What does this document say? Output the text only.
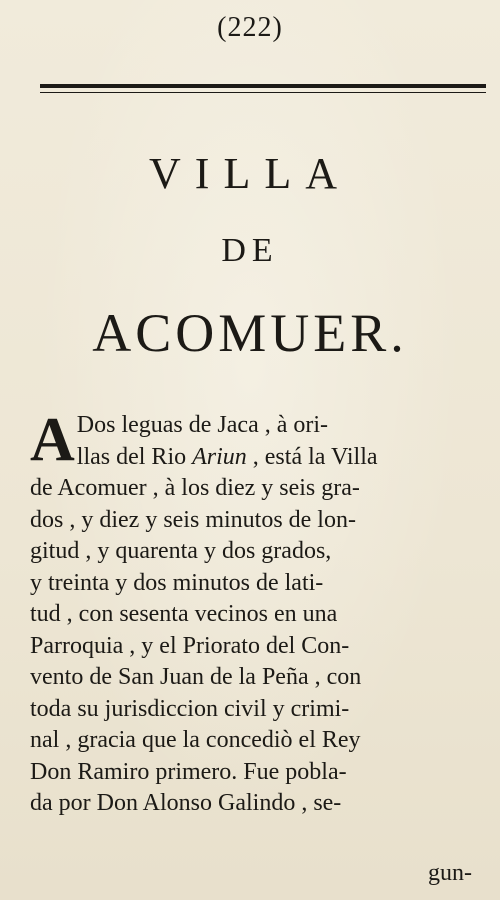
(222)
VILLA
DE
ACOMUER.
A Dos leguas de Jaca , à ori-
llas del Rio Ariun , está la Villa
de Acomuer , à los diez y seis gra-
dos , y diez y seis minutos de lon-
gitud , y quarenta y dos grados,
y treinta y dos minutos de lati-
tud , con sesenta vecinos en una
Parroquia , y el Priorato del Con-
vento de San Juan de la Peña , con
toda su jurisdiccion civil y crimi-
nal , gracia que la concediò el Rey
Don Ramiro primero. Fue pobla-
da por Don Alonso Galindo , se-
gun-
